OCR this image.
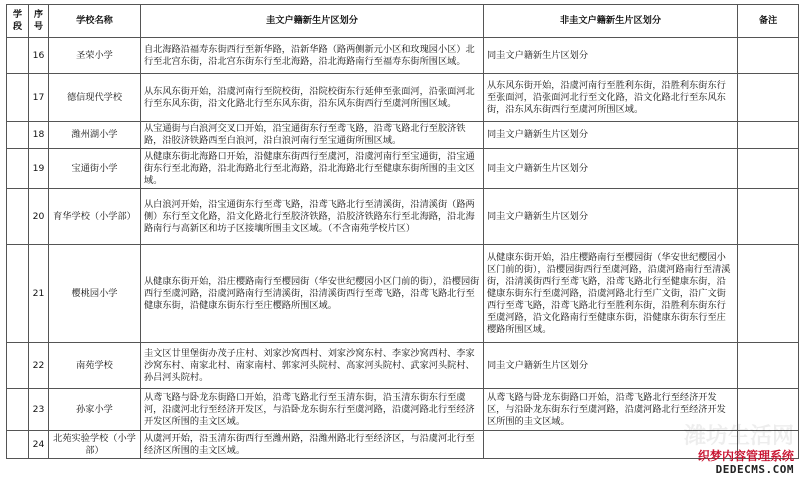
学段	序号	学校名称	圭文户籍新生片区划分	非圭文户籍新生片区划分	备注
	16	圣荣小学	自北海路沿福寿东街西行至新华路，沿新华路（路两侧新元小区和玫瑰园小区）北行至北宫东街，沿北宫东街东行至北海路，沿北海路南行至福寿东街所围区域。	同圭文户籍新生片区划分	
	17	德信现代学校	从东风东街开始，沿虞河南行至院校街，沿院校街东行延伸至张面河，沿张面河北行至东风东街，沿文化路北行至东风东街，沿东风东街西行至虞河所围区域。	从东风东街开始，沿虞河南行至胜利东街，沿胜利东街东行至张面河，沿张面河北行至文化路，沿文化路北行至东风东街，沿东风东街西行至虞河所围区域。	
	18	潍州湖小学	从宝通街与白浪河交叉口开始，沿宝通街东行至鸢飞路，沿鸢飞路北行至胶济铁路，沿胶济铁路西至白浪河，沿白浪河南行至宝通街所围区域。	同圭文户籍新生片区划分	
	19	宝通街小学	从健康东街北海路口开始，沿健康东街西行至虞河，沿虞河南行至宝通街，沿宝通街东行至北海路，沿北海路北行至北海路，沿北海路北行至健康东街所围的圭文区域。	同圭文户籍新生片区划分	
	20	育华学校（小学部）	从白浪河开始，沿宝通街东行至鸢飞路，沿鸢飞路北行至清溪街，沿清溪街（路两侧）东行至文化路，沿文化路北行至胶济铁路，沿胶济铁路东行至北海路，沿北海路南行与高新区和坊子区接壤所围圭文区域。（不含南苑学校片区）	同圭文户籍新生片区划分	
	21	樱桃园小学	从健康东街开始，沿庄樱路南行至樱园街（华安世纪樱园小区门前的街），沿樱园街西行至虞河路，沿虞河路南行至清溪街，沿清溪街西行至鸢飞路，沿鸢飞路北行至健康东街，沿健康东街东行至庄樱路所围区域。	从健康东街开始，沿庄樱路南行至樱园街（华安世纪樱园小区门前的街），沿樱园街西行至虞河路，沿虞河路南行至清溪街，沿清溪街西行至鸢飞路，沿鸢飞路北行至健康东街，沿健康东街东行至虞河路，沿虞河路北行至广文街，沿广文街西行至鸢飞路，沿鸢飞路北行至胜利东街，沿胜利东街东行至虞河路，沿文化路南行至健康东街，沿健康东街东行至庄樱路所围区域。	
	22	南苑学校	圭文区廿里堡街办茂子庄村、刘家沙窝西村、刘家沙窝东村、李家沙窝西村、李家沙窝东村、南家北村、南家南村、郭家河头院村、高家河头院村、武家河头院村、孙吕河头院村。	同圭文户籍新生片区划分	
	23	孙家小学	从鸢飞路与卧龙东街路口开始，沿鸢飞路北行至玉清东街，沿玉清东街东行至虞河，沿虞河北行至经济开发区，与沿卧龙东街东行至虞河路，沿虞河路北行至经济开发区所围的圭文区域。	从鸢飞路与卧龙东街路口开始，沿鸢飞路北行至经济开发区，与沿卧龙东街东行至虞河路，沿虞河路北行至经济开发区所围的圭文区域。	
	24	北苑实验学校（小学部）	从虞河开始，沿玉清东街西行至潍州路，沿潍州路北行至经济区，与沿虞河北行至经济区所围的圭文区域。		
潍坊生活网
织梦内容管理系统
DEDECMS.COM
